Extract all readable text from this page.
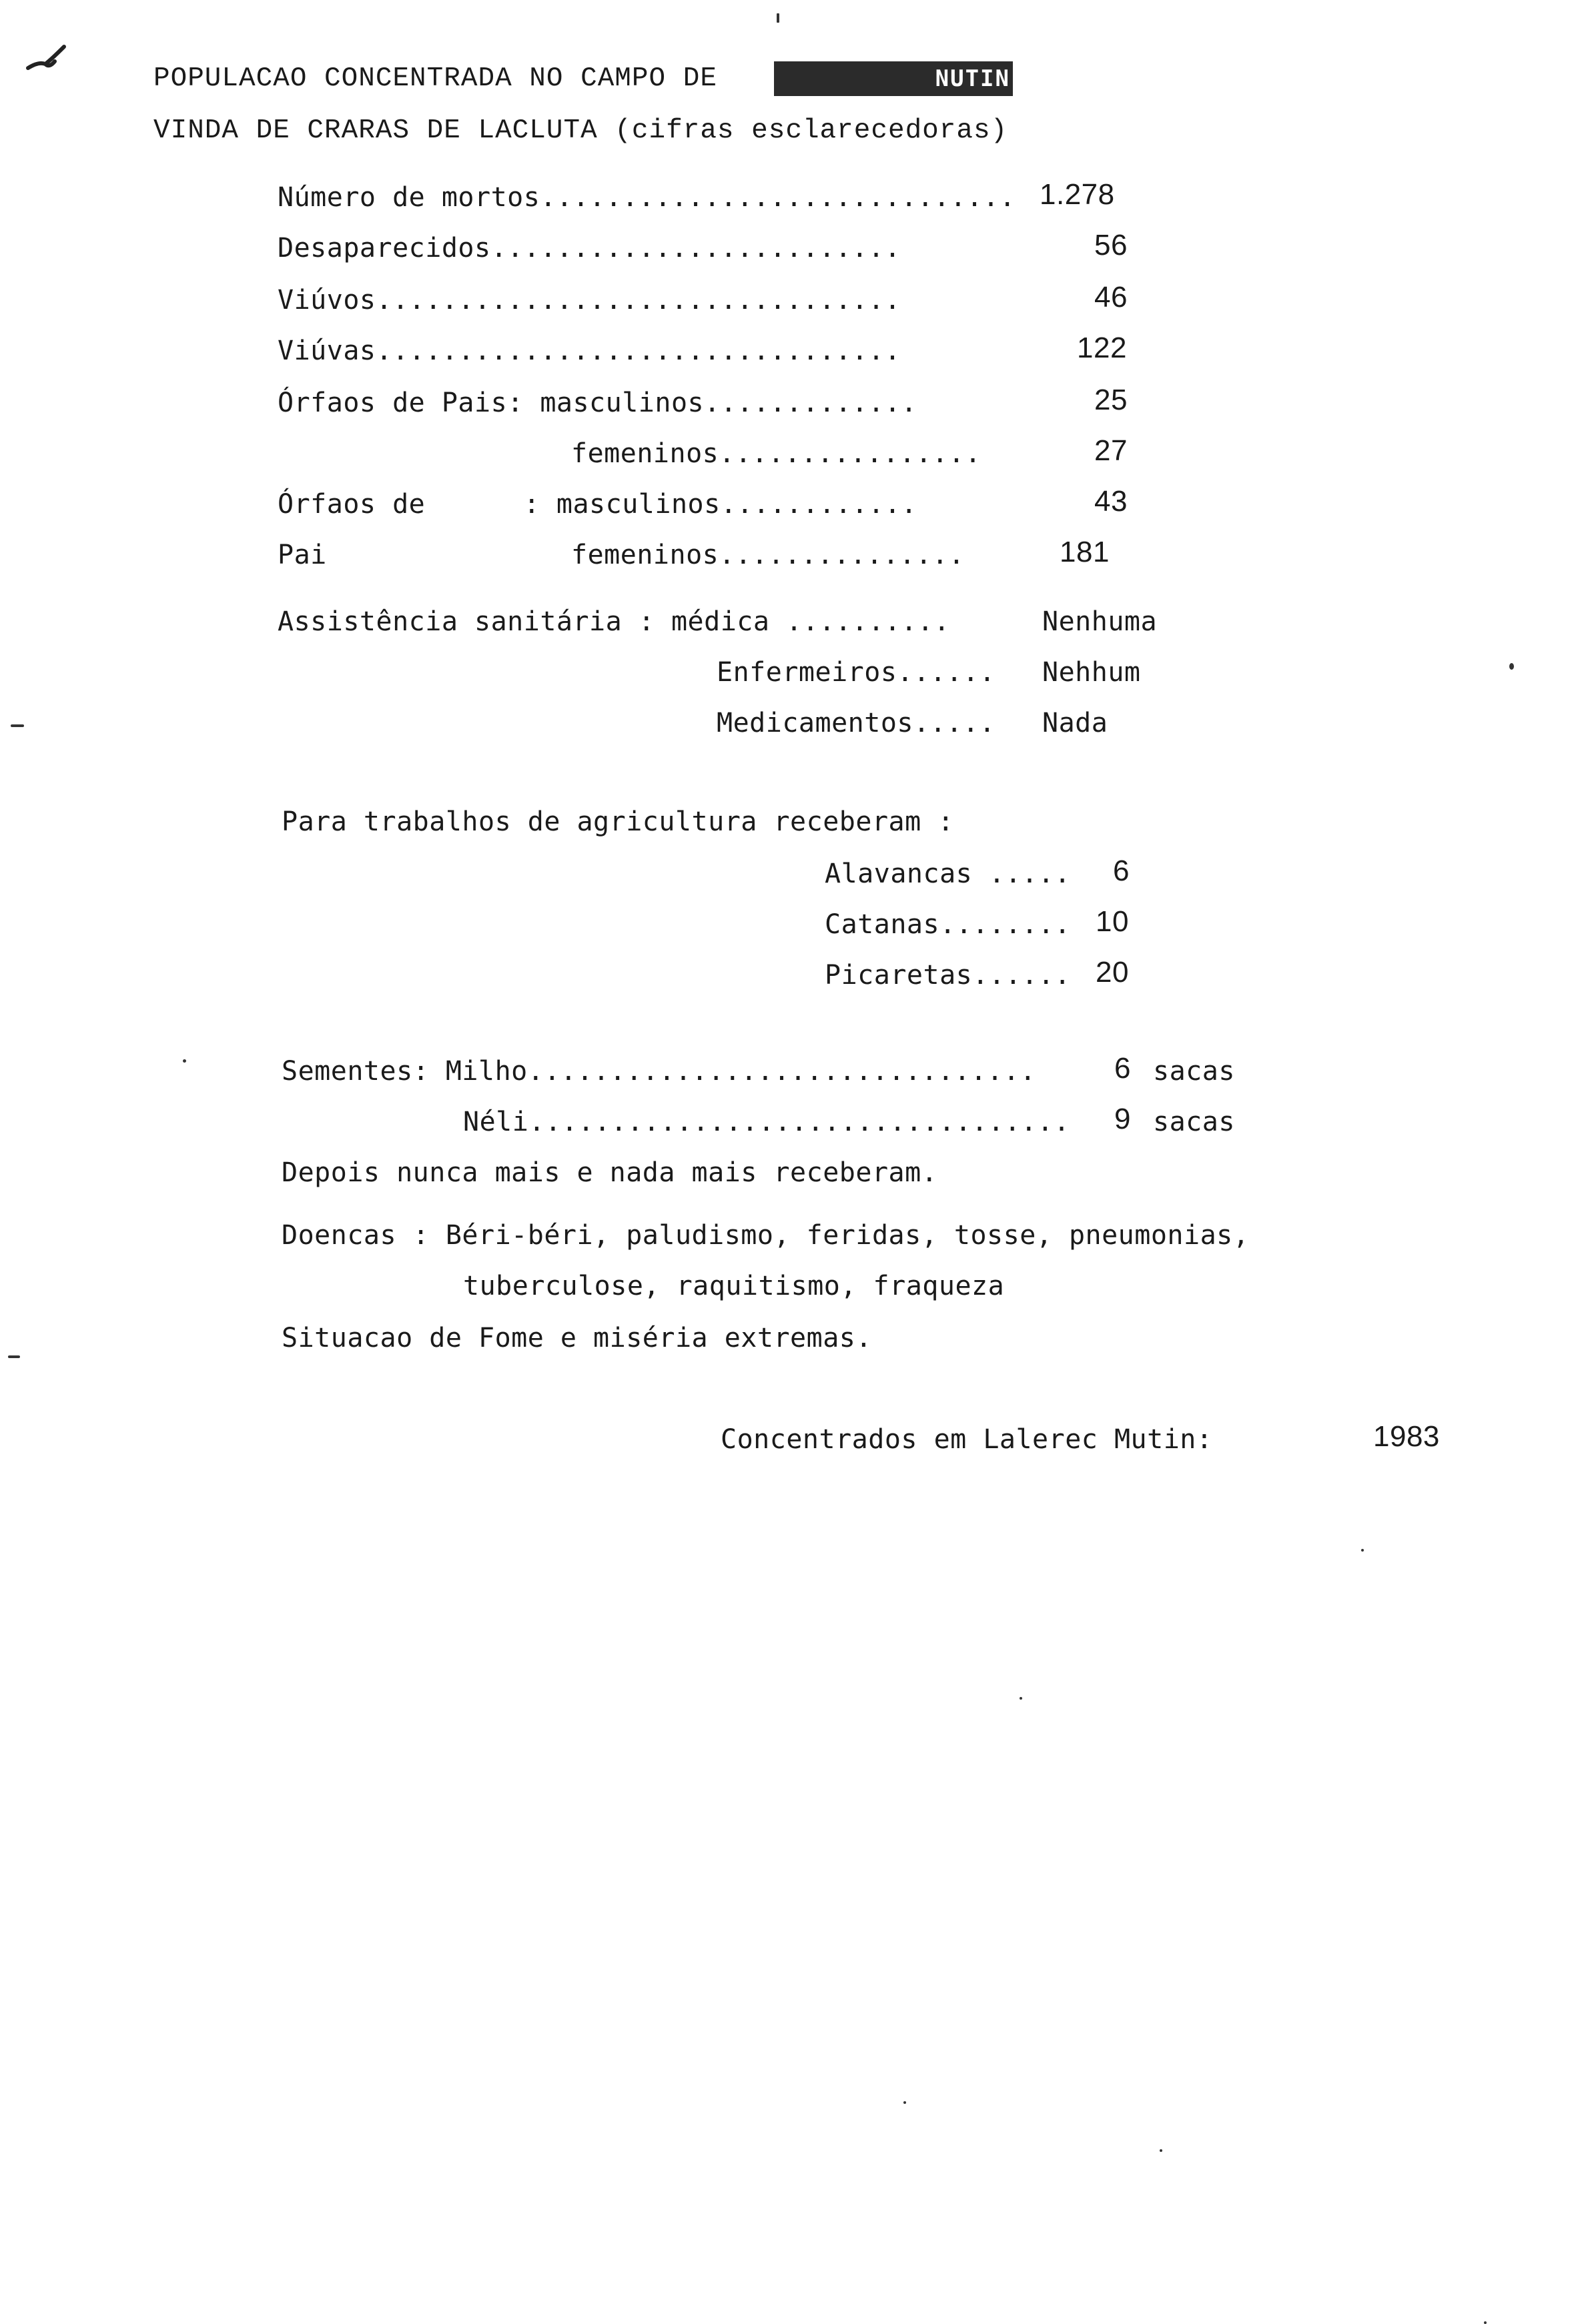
POPULACAO CONCENTRADA NO CAMPO DE	NUTIN
VINDA DE CRARAS DE LACLUTA (cifras esclarecedoras)
Número de mortos............................. 1.278
Desaparecidos.........................	56
Viúvos................................	46
Viúvas................................	122
Órfaos de Pais: masculinos.............	25
femeninos................	27
Órfaos de      : masculinos............	43
Pai	femeninos...............	181
Assistência sanitária : médica ..........	Nenhuma
Enfermeiros...... Nehhum
Medicamentos..... Nada
Para trabalhos de agricultura receberam :
Alavancas ..... 6
Catanas........ 10
Picaretas...... 20
Sementes: Milho...............................	6 sacas
Néli................................. 9 sacas
Depois nunca mais e nada mais receberam.
Doencas : Béri-béri, paludismo, feridas, tosse, pneumonias,
tuberculose, raquitismo, fraqueza
Situacao de Fome e miséria extremas.
Concentrados em Lalerec Mutin:	1983
